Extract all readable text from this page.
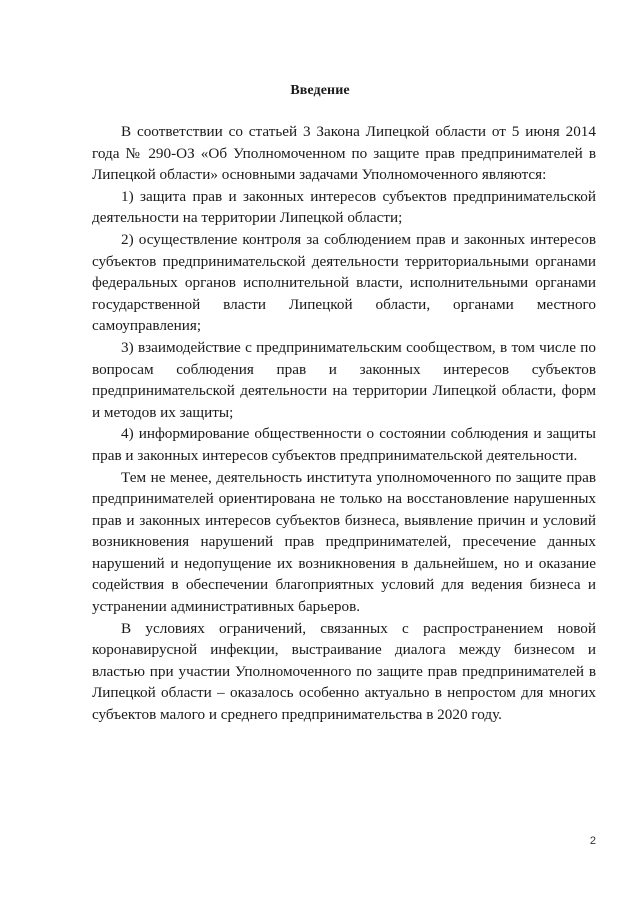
Введение

В соответствии со статьей 3 Закона Липецкой области от 5 июня 2014 года № 290-ОЗ «Об Уполномоченном по защите прав предпринимателей в Липецкой области» основными задачами Уполномоченного являются:

1) защита прав и законных интересов субъектов предпринимательской деятельности на территории Липецкой области;

2) осуществление контроля за соблюдением прав и законных интересов субъектов предпринимательской деятельности территориальными органами федеральных органов исполнительной власти, исполнительными органами государственной власти Липецкой области, органами местного самоуправления;

3) взаимодействие с предпринимательским сообществом, в том числе по вопросам соблюдения прав и законных интересов субъектов предпринимательской деятельности на территории Липецкой области, форм и методов их защиты;

4) информирование общественности о состоянии соблюдения и защиты прав и законных интересов субъектов предпринимательской деятельности.

Тем не менее, деятельность института уполномоченного по защите прав предпринимателей ориентирована не только на восстановление нарушенных прав и законных интересов субъектов бизнеса, выявление причин и условий возникновения нарушений прав предпринимателей, пресечение данных нарушений и недопущение их возникновения в дальнейшем, но и оказание содействия в обеспечении благоприятных условий для ведения бизнеса и устранении административных барьеров.

В условиях ограничений, связанных с распространением новой коронавирусной инфекции, выстраивание диалога между бизнесом и властью при участии Уполномоченного по защите прав предпринимателей в Липецкой области – оказалось особенно актуально в непростом для многих субъектов малого и среднего предпринимательства в 2020 году.

2
